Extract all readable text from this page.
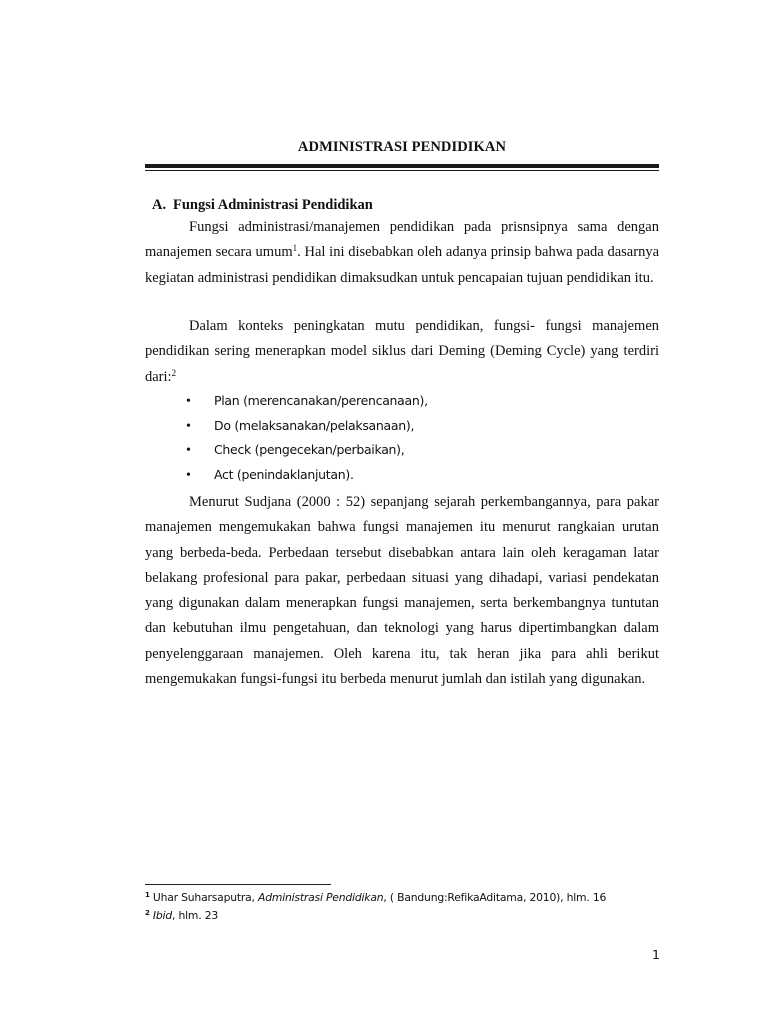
ADMINISTRASI PENDIDIKAN
A. Fungsi Administrasi Pendidikan

Fungsi administrasi/manajemen pendidikan pada prisnsipnya sama dengan manajemen secara umum$^1$. Hal ini disebabkan oleh adanya prinsip bahwa pada dasarnya kegiatan administrasi pendidikan dimaksudkan untuk pencapaian tujuan pendidikan itu.

Dalam konteks peningkatan mutu pendidikan, fungsi- fungsi manajemen pendidikan sering menerapkan model siklus dari Deming (Deming Cycle) yang terdiri dari:$^2$

• Plan (merencanakan/perencanaan),
• Do (melaksanakan/pelaksanaan),
• Check (pengecekan/perbaikan),
• Act (penindaklanjutan).

Menurut Sudjana (2000 : 52) sepanjang sejarah perkembangannya, para pakar manajemen mengemukakan bahwa fungsi manajemen itu menurut rangkaian urutan yang berbeda-beda. Perbedaan tersebut disebabkan antara lain oleh keragaman latar belakang profesional para pakar, perbedaan situasi yang dihadapi, variasi pendekatan yang digunakan dalam menerapkan fungsi manajemen, serta berkembangnya tuntutan dan kebutuhan ilmu pengetahuan, dan teknologi yang harus dipertimbangkan dalam penyelenggaraan manajemen. Oleh karena itu, tak heran jika para ahli berikut mengemukakan fungsi-fungsi itu berbeda menurut jumlah dan istilah yang digunakan.

$^1$ Uhar Suharsaputra, Administrasi Pendidikan, ( Bandung:RefikaAditama, 2010), hlm. 16
$^2$ Ibid, hlm. 23
1
